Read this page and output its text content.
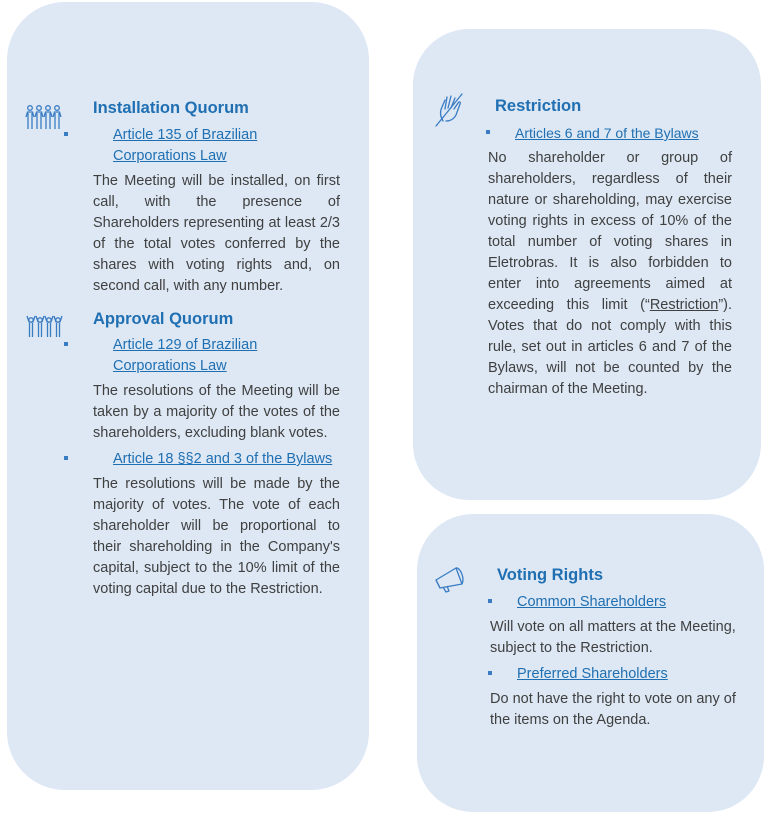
Installation Quorum
Article 135 of Brazilian Corporations Law
The Meeting will be installed, on first call, with the presence of Shareholders representing at least 2/3 of the total votes conferred by the shares with voting rights and, on second call, with any number.
Approval Quorum
Article 129 of Brazilian Corporations Law
The resolutions of the Meeting will be taken by a majority of the votes of the shareholders, excluding blank votes.
Article 18 §§2 and 3 of the Bylaws
The resolutions will be made by the majority of votes. The vote of each shareholder will be proportional to their shareholding in the Company's capital, subject to the 10% limit of the voting capital due to the Restriction.
Restriction
Articles 6 and 7 of the Bylaws
No shareholder or group of shareholders, regardless of their nature or shareholding, may exercise voting rights in excess of 10% of the total number of voting shares in Eletrobras. It is also forbidden to enter into agreements aimed at exceeding this limit (“Restriction”). Votes that do not comply with this rule, set out in articles 6 and 7 of the Bylaws, will not be counted by the chairman of the Meeting.
Voting Rights
Common Shareholders
Will vote on all matters at the Meeting, subject to the Restriction.
Preferred Shareholders
Do not have the right to vote on any of the items on the Agenda.
